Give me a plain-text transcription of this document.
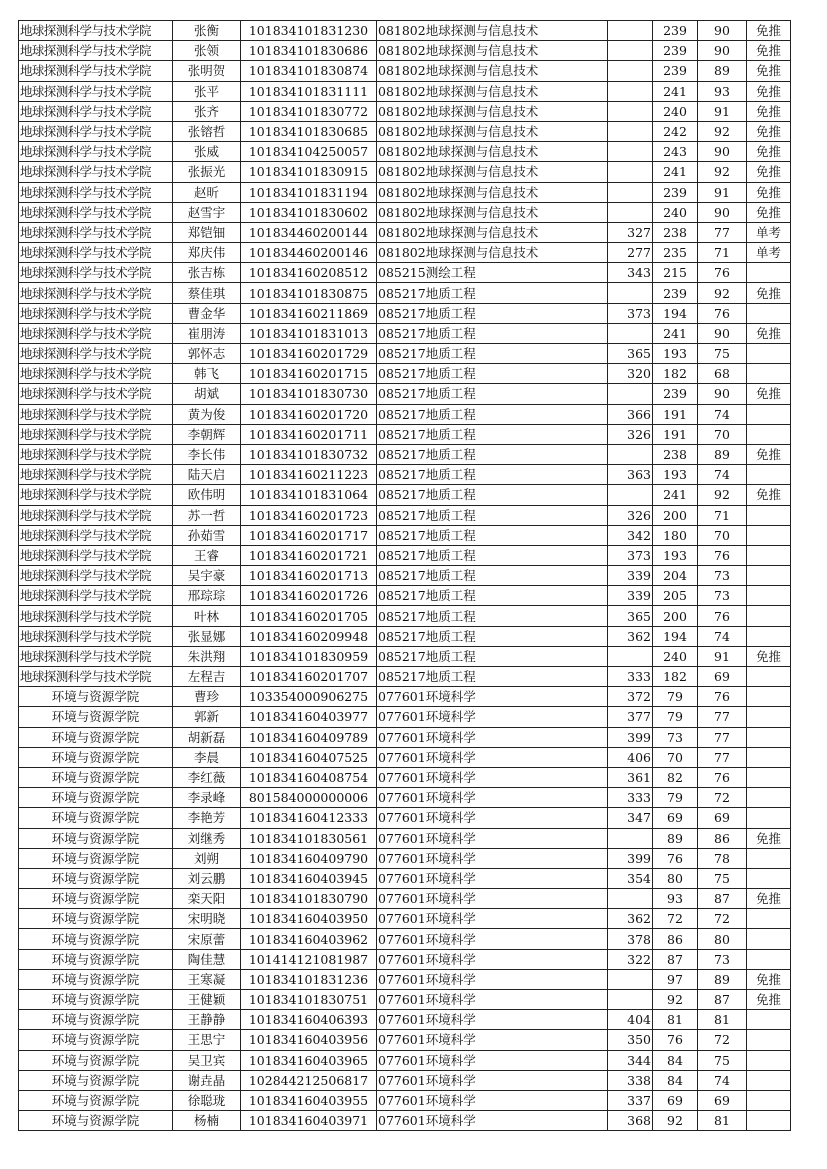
地球探测科学与技术学院	张衡	101834101831230	081802地球探测与信息技术		239	90	免推
地球探测科学与技术学院	张领	101834101830686	081802地球探测与信息技术		239	90	免推
地球探测科学与技术学院	张明贺	101834101830874	081802地球探测与信息技术		239	89	免推
地球探测科学与技术学院	张平	101834101831111	081802地球探测与信息技术		241	93	免推
地球探测科学与技术学院	张齐	101834101830772	081802地球探测与信息技术		240	91	免推
地球探测科学与技术学院	张镕哲	101834101830685	081802地球探测与信息技术		242	92	免推
地球探测科学与技术学院	张威	101834104250057	081802地球探测与信息技术		243	90	免推
地球探测科学与技术学院	张振光	101834101830915	081802地球探测与信息技术		241	92	免推
地球探测科学与技术学院	赵昕	101834101831194	081802地球探测与信息技术		239	91	免推
地球探测科学与技术学院	赵雪宇	101834101830602	081802地球探测与信息技术		240	90	免推
地球探测科学与技术学院	郑铠钿	101834460200144	081802地球探测与信息技术	327	238	77	单考
地球探测科学与技术学院	郑庆伟	101834460200146	081802地球探测与信息技术	277	235	71	单考
地球探测科学与技术学院	张吉栋	101834160208512	085215测绘工程	343	215	76	
地球探测科学与技术学院	蔡佳琪	101834101830875	085217地质工程		239	92	免推
地球探测科学与技术学院	曹金华	101834160211869	085217地质工程	373	194	76	
地球探测科学与技术学院	崔朋涛	101834101831013	085217地质工程		241	90	免推
地球探测科学与技术学院	郭怀志	101834160201729	085217地质工程	365	193	75	
地球探测科学与技术学院	韩飞	101834160201715	085217地质工程	320	182	68	
地球探测科学与技术学院	胡斌	101834101830730	085217地质工程		239	90	免推
地球探测科学与技术学院	黄为俊	101834160201720	085217地质工程	366	191	74	
地球探测科学与技术学院	李朝辉	101834160201711	085217地质工程	326	191	70	
地球探测科学与技术学院	李长伟	101834101830732	085217地质工程		238	89	免推
地球探测科学与技术学院	陆天启	101834160211223	085217地质工程	363	193	74	
地球探测科学与技术学院	欧伟明	101834101831064	085217地质工程		241	92	免推
地球探测科学与技术学院	苏一哲	101834160201723	085217地质工程	326	200	71	
地球探测科学与技术学院	孙茹雪	101834160201717	085217地质工程	342	180	70	
地球探测科学与技术学院	王睿	101834160201721	085217地质工程	373	193	76	
地球探测科学与技术学院	吴宇豪	101834160201713	085217地质工程	339	204	73	
地球探测科学与技术学院	邢琮琮	101834160201726	085217地质工程	339	205	73	
地球探测科学与技术学院	叶林	101834160201705	085217地质工程	365	200	76	
地球探测科学与技术学院	张显娜	101834160209948	085217地质工程	362	194	74	
地球探测科学与技术学院	朱洪翔	101834101830959	085217地质工程		240	91	免推
地球探测科学与技术学院	左程吉	101834160201707	085217地质工程	333	182	69	
环境与资源学院	曹珍	103354000906275	077601环境科学	372	79	76	
环境与资源学院	郭新	101834160403977	077601环境科学	377	79	77	
环境与资源学院	胡新磊	101834160409789	077601环境科学	399	73	77	
环境与资源学院	李晨	101834160407525	077601环境科学	406	70	77	
环境与资源学院	李红薇	101834160408754	077601环境科学	361	82	76	
环境与资源学院	李录峰	801584000000006	077601环境科学	333	79	72	
环境与资源学院	李艳芳	101834160412333	077601环境科学	347	69	69	
环境与资源学院	刘继秀	101834101830561	077601环境科学		89	86	免推
环境与资源学院	刘朔	101834160409790	077601环境科学	399	76	78	
环境与资源学院	刘云鹏	101834160403945	077601环境科学	354	80	75	
环境与资源学院	栾天阳	101834101830790	077601环境科学		93	87	免推
环境与资源学院	宋明晓	101834160403950	077601环境科学	362	72	72	
环境与资源学院	宋原蕾	101834160403962	077601环境科学	378	86	80	
环境与资源学院	陶佳慧	101414121081987	077601环境科学	322	87	73	
环境与资源学院	王寒凝	101834101831236	077601环境科学		97	89	免推
环境与资源学院	王健颖	101834101830751	077601环境科学		92	87	免推
环境与资源学院	王静静	101834160406393	077601环境科学	404	81	81	
环境与资源学院	王思宁	101834160403956	077601环境科学	350	76	72	
环境与资源学院	吴卫宾	101834160403965	077601环境科学	344	84	75	
环境与资源学院	谢垚晶	102844212506817	077601环境科学	338	84	74	
环境与资源学院	徐聪珑	101834160403955	077601环境科学	337	69	69	
环境与资源学院	杨楠	101834160403971	077601环境科学	368	92	81	
